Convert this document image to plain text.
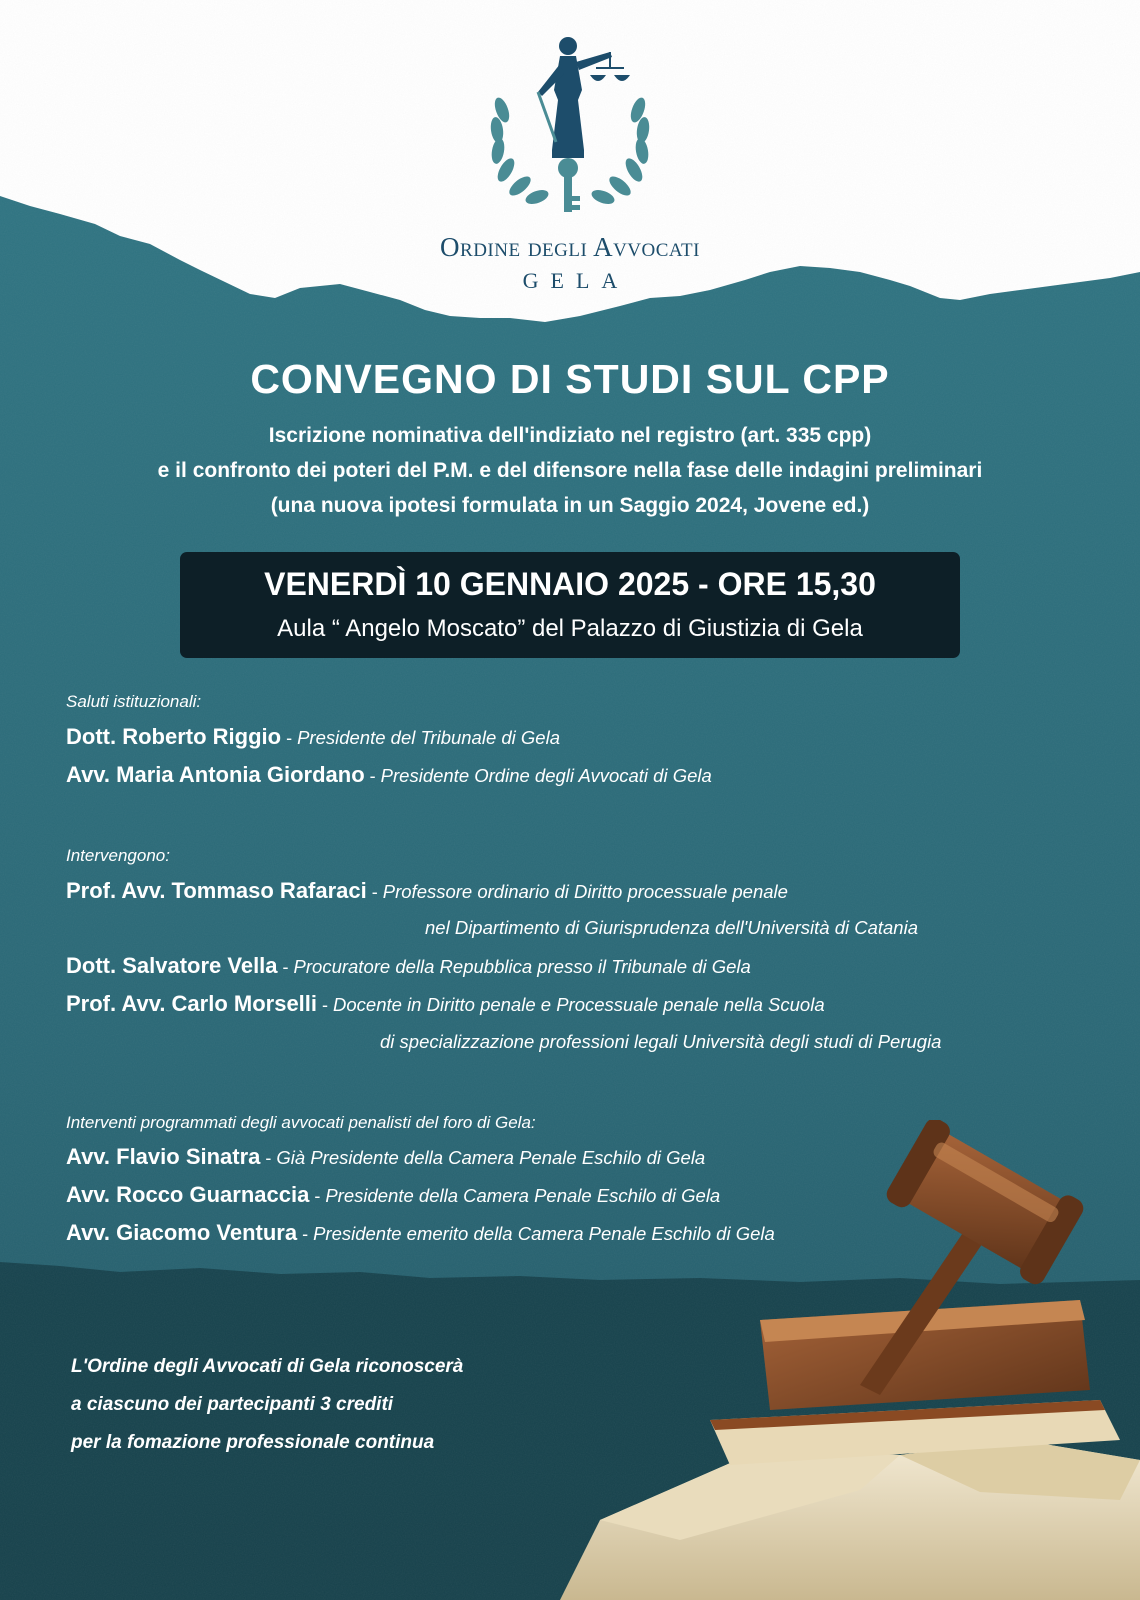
Ordine degli Avvocati
GELA
CONVEGNO DI STUDI SUL CPP
Iscrizione nominativa dell'indiziato nel registro (art. 335 cpp)
e il confronto dei poteri del P.M. e del difensore nella fase delle indagini preliminari
(una nuova ipotesi formulata in un Saggio 2024, Jovene ed.)
VENERDÌ 10 GENNAIO 2025 - ORE 15,30
Aula “ Angelo Moscato” del Palazzo di Giustizia di Gela
Saluti istituzionali:
Dott. Roberto Riggio - Presidente del Tribunale di Gela
Avv. Maria Antonia Giordano - Presidente Ordine degli Avvocati di Gela
Intervengono:
Prof. Avv. Tommaso Rafaraci - Professore ordinario di Diritto processuale penale
nel Dipartimento di Giurisprudenza dell'Università di Catania
Dott. Salvatore Vella - Procuratore della Repubblica presso il Tribunale di Gela
Prof. Avv. Carlo Morselli - Docente in Diritto penale e Processuale penale nella Scuola
di specializzazione professioni legali Università degli studi di Perugia
Interventi programmati degli avvocati penalisti del foro di Gela:
Avv. Flavio Sinatra - Già Presidente della Camera Penale Eschilo di Gela
Avv. Rocco Guarnaccia - Presidente della Camera Penale Eschilo di Gela
Avv. Giacomo Ventura - Presidente emerito della Camera Penale Eschilo di Gela
L'Ordine degli Avvocati di Gela riconoscerà
a ciascuno dei partecipanti 3 crediti
per la fomazione professionale continua
